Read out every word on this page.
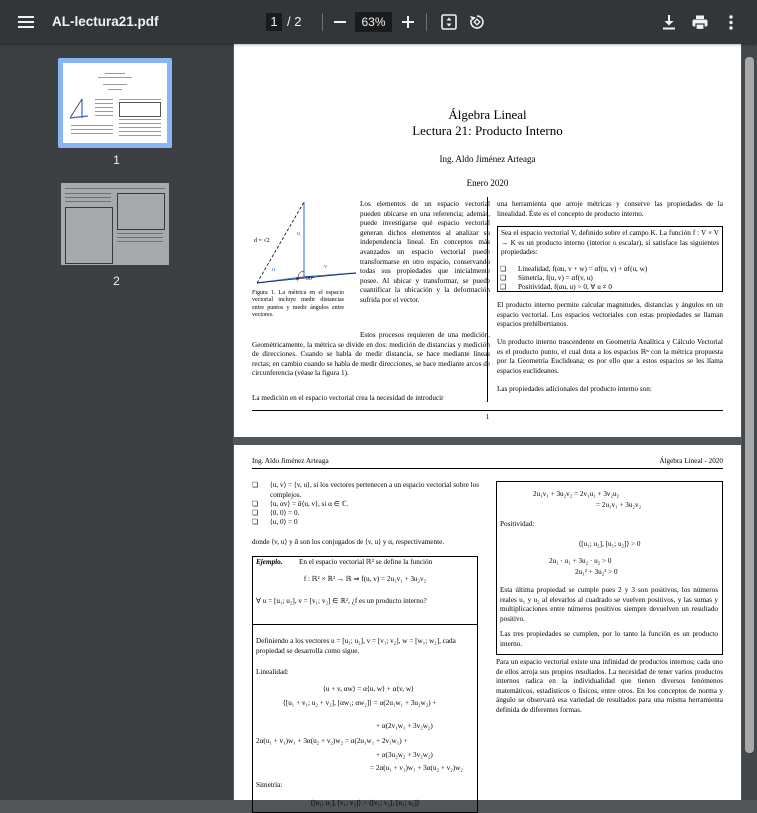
AL-lectura21.pdf	1 / 2	63%
1
2
Álgebra Lineal
Lectura 21: Producto Interno
Ing. Aldo Jiménez Arteaga
Enero 2020
d = √2
u
u	v
φ = 90°
Figura 1. La métrica en el espacio vectorial incluye medir distancias entre puntos y medir ángulos entre vectores.
Los elementos de un espacio vectorial pueden ubicarse en una referencia; además, puede investigarse qué espacio vectorial generan dichos elementos al analizar su independencia lineal. En conceptos más avanzados un espacio vectorial puede transformarse en otro espacio, conservando todas sus propiedades que inicialmente posee. Al ubicar y transformar, se puede cuantificar la ubicación y la deformación sufrida por el vector.
Estos procesos requieren de una medición. Geométricamente, la métrica se divide en dos: medición de distancias y medición de direcciones. Cuando se habla de medir distancia, se hace mediante líneas rectas; en cambio cuando se habla de medir direcciones, se hace mediante arcos de circunferencia (véase la figura 1).
La medición en el espacio vectorial crea la necesidad de introducir
una herramienta que arroje métricas y conserve las propiedades de la linealidad. Éste es el concepto de producto interno.
Sea el espacio vectorial V, definido sobre el campo K. La función f : V × V → K es un producto interno (interior o escalar), si satisface las siguientes propiedades:
❏ Linealidad, f(αu, v + w) = αf(u, v) + αf(u, w)
❏ Simetría, f(u, v) = αf(v, u)
❏ Positividad, f(αu, u) > 0, ∀ u ≠ 0
El producto interno permite calcular magnitudes, distancias y ángulos en un espacio vectorial. Los espacios vectoriales con estas propiedades se llaman espacios prehilbertianos.
Un producto interno trascendente en Geometría Analítica y Cálculo Vectorial es el producto punto, el cual dota a los espacios ℝⁿ con la métrica propuesta por la Geometría Euclideana; es por ello que a estos espacios se les llama espacios euclideanos.
Las propiedades adicionales del producto interno son:
1
Ing. Aldo Jiménez Arteaga	Álgebra Lineal - 2020
❏ ⟨u, v⟩ = ⟨v, u⟩, si los vectores pertenecen a un espacio vectorial sobre los complejos.
❏ ⟨u, αv⟩ = ᾱ⟨u, v⟩, si α ∈ ℂ.
❏ ⟨0, 0⟩ = 0.
❏ ⟨u, 0⟩ = 0
donde ⟨v, u⟩ y ᾱ son los conjugados de ⟨v, u⟩ y α, respectivamente.
Ejemplo. En el espacio vectorial ℝ² se define la función
f : ℝ² × ℝ² → ℝ ⇒ f(u, v) = 2u₁v₁ + 3u₂v₂
∀ u = [u₁; u₂], v = [v₁; v₂] ∈ ℝ², ¿f es un producto interno?
Definiendo a los vectores u = [u₁; u₂], v = [v₁; v₂], w = [w₁; w₂], cada propiedad se desarrolla como sigue.
Linealidad:
⟨u + v, αw⟩ = α⟨u, w⟩ + α⟨v, w⟩
⟨[u₁ + v₁; u₂ + v₂], [αw₁; αw₂]⟩ = α(2u₁w₁ + 3u₂w₂) +
+ α(2v₁w₁ + 3v₂w₂)
2α(u₁ + v₁)w₁ + 3α(u₂ + v₂)w₂ = α(2u₁w₁ + 2v₁w₁) +
+ α(3u₂w₂ + 3v₂w₂)
= 2α(u₁ + v₁)w₁ + 3α(u₂ + v₂)w₂
Simetría:
⟨[u₁; u₂], [v₁; v₂]⟩ = ⟨[v₁; v₂], [u₁; u₂]⟩
2u₁v₁ + 3u₂v₂ = 2v₁u₁ + 3v₂u₂
= 2u₁v₁ + 3u₂v₂
Positividad:
⟨[u₁; u₂], [u₁; u₂]⟩ > 0
2u₁ · u₁ + 3u₂ · u₂ > 0
2u₁² + 3u₂² > 0
Esta última propiedad se cumple pues 2 y 3 son positivos, los números reales u₁ y u₂ al elevarlos al cuadrado se vuelven positivos, y las sumas y multiplicaciones entre números positivos siempre devuelven un resultado positivo.
Las tres propiedades se cumplen, por lo tanto la función es un producto interno.
Para un espacio vectorial existe una infinidad de productos internos; cada uno de ellos arroja sus propios resultados. La necesidad de tener varios productos internos radica en la individualidad que tienen diversos fenómenos matemáticos, estadísticos o físicos, entre otros. En los conceptos de norma y ángulo se observará esa variedad de resultados para una misma herramienta definida de diferentes formas.
